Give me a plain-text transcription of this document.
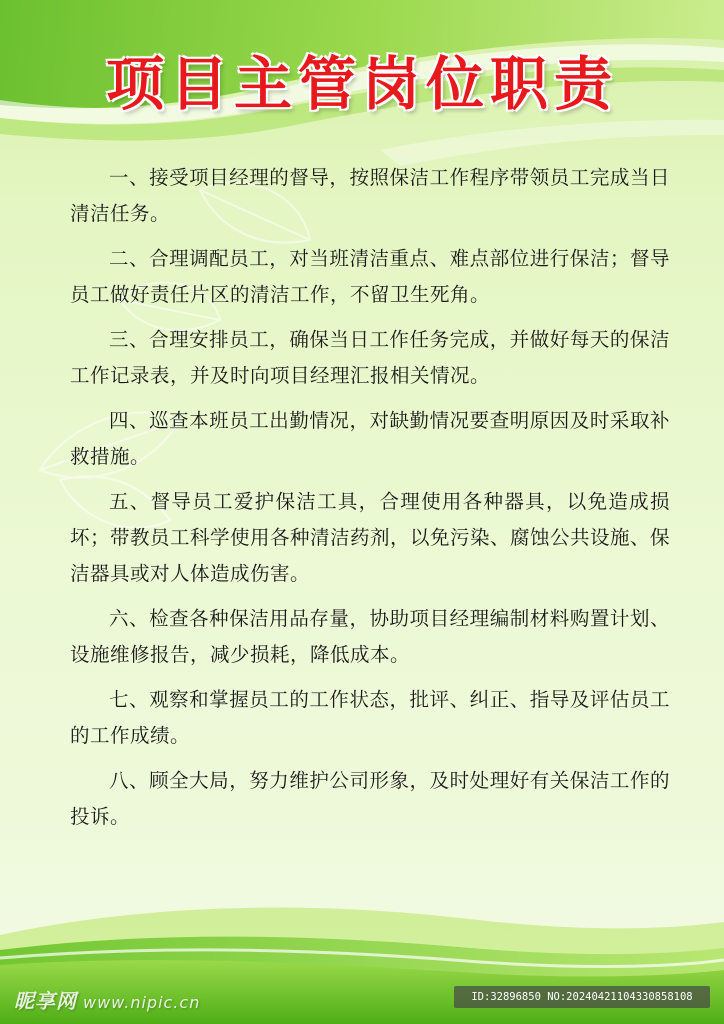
项目主管岗位职责

一、接受项目经理的督导，按照保洁工作程序带领员工完成当日清洁任务。

二、合理调配员工，对当班清洁重点、难点部位进行保洁；督导员工做好责任片区的清洁工作，不留卫生死角。

三、合理安排员工，确保当日工作任务完成，并做好每天的保洁工作记录表，并及时向项目经理汇报相关情况。

四、巡查本班员工出勤情况，对缺勤情况要查明原因及时采取补救措施。

五、督导员工爱护保洁工具，合理使用各种器具，以免造成损坏；带教员工科学使用各种清洁药剂，以免污染、腐蚀公共设施、保洁器具或对人体造成伤害。

六、检查各种保洁用品存量，协助项目经理编制材料购置计划、设施维修报告，减少损耗，降低成本。

七、观察和掌握员工的工作状态，批评、纠正、指导及评估员工的工作成绩。

八、顾全大局，努力维护公司形象，及时处理好有关保洁工作的投诉。

昵享网 www.nipic.cn	ID:32896850 NO:20240421104330858108
